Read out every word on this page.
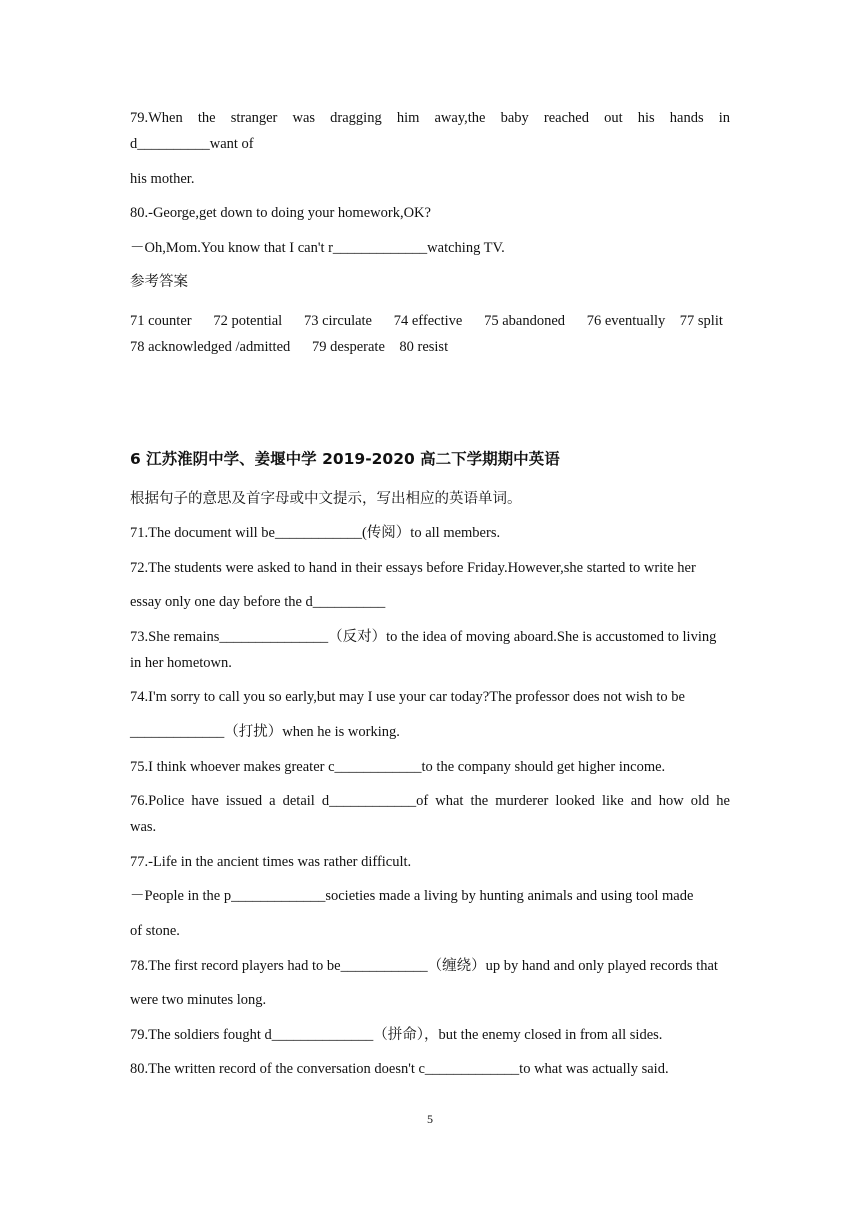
79.When the stranger was dragging him away,the baby reached out his hands in
d__________want of
his mother.
80.-George,get down to doing your homework,OK?
－Oh,Mom.You know that I can't r_____________watching TV.
参考答案
71 counter      72 potential      73 circulate      74 effective      75 abandoned      76 eventually    77 split    78 acknowledged /admitted      79 desperate    80 resist
6 江苏淮阴中学、姜堰中学 2019-2020 高二下学期期中英语
根据句子的意思及首字母或中文提示，写出相应的英语单词。
71.The document will be____________(传阅）to all members.
72.The students were asked to hand in their essays before Friday.However,she started to write her
essay only one day before the d__________
73.She remains_______________（反对）to the idea of moving aboard.She is accustomed to living
in her hometown.
74.I'm sorry to call you so early,but may I use your car today?The professor does not wish to be
_____________（打扰）when he is working.
75.I think whoever makes greater c____________to the company should get higher income.
76.Police have issued a detail d____________of what the murderer looked like and how old he
was.
77.-Life in the ancient times was rather difficult.
－People in the p_____________societies made a living by hunting animals and using tool made
of stone.
78.The first record players had to be____________（缠绕）up by hand and only played records that
were two minutes long.
79.The soldiers fought d______________（拼命），but the enemy closed in from all sides.
80.The written record of the conversation doesn't c_____________to what was actually said.
5
